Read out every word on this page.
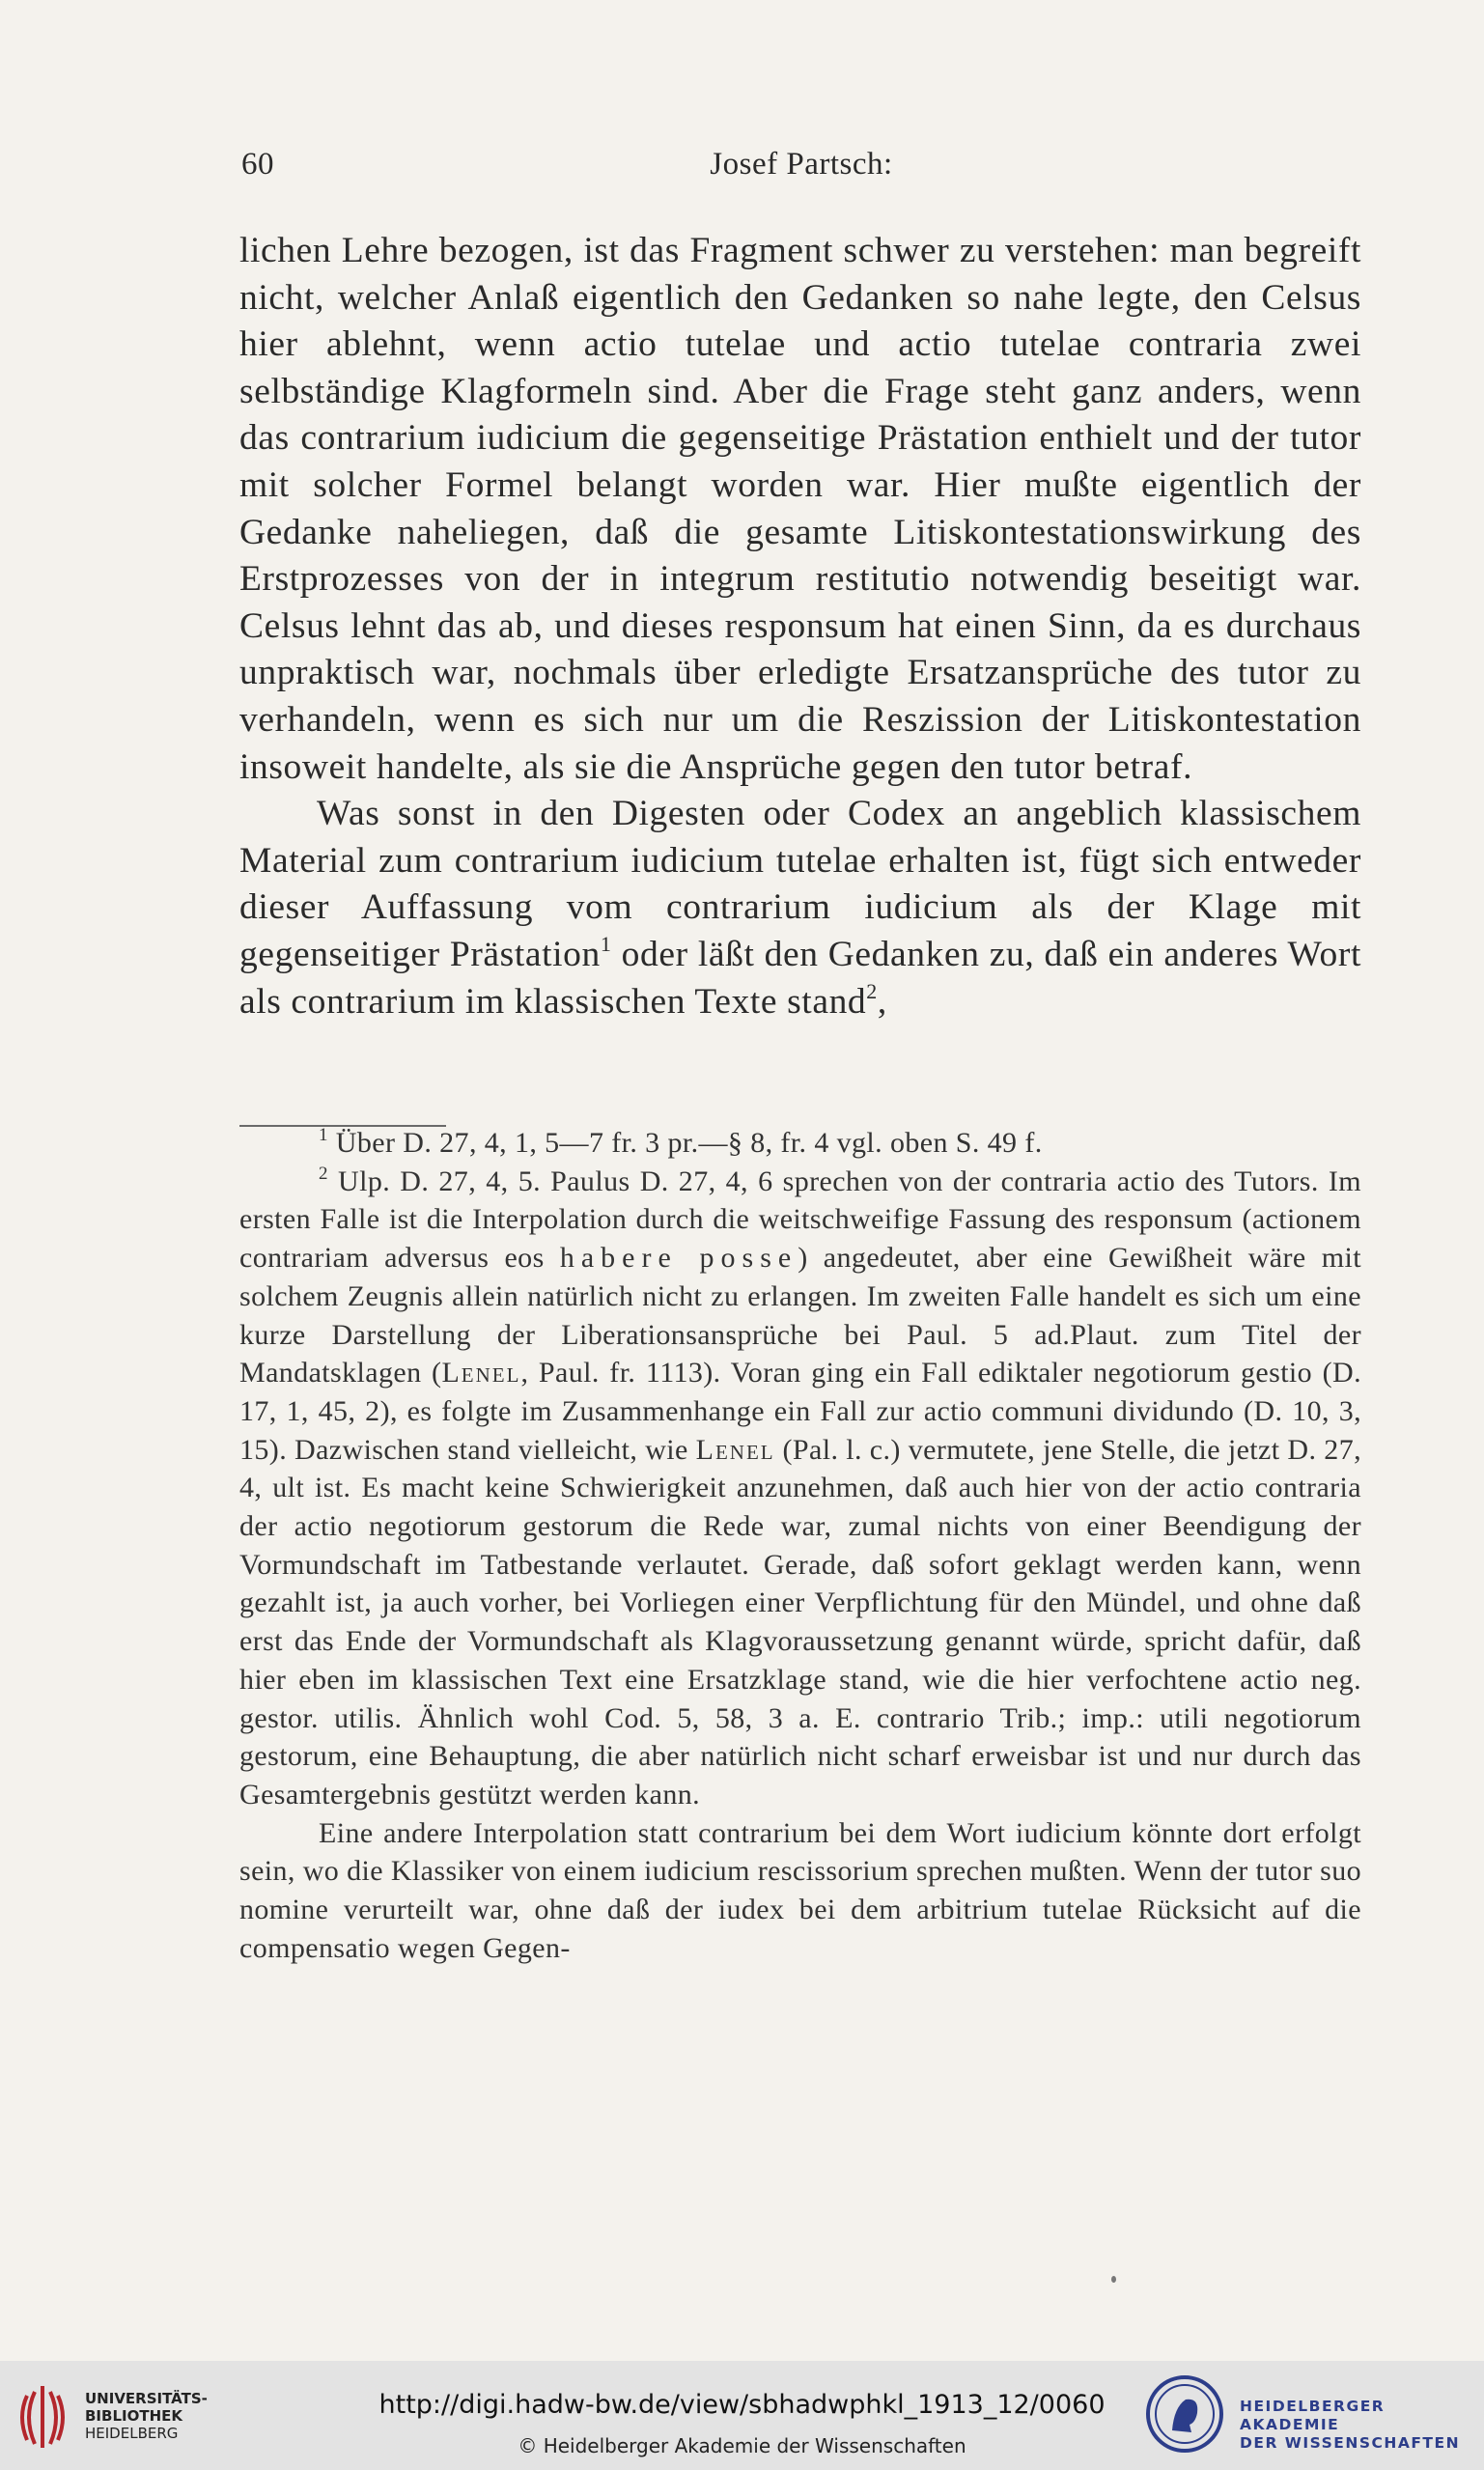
60	Josef Partsch:

lichen Lehre bezogen, ist das Fragment schwer zu verstehen: man begreift nicht, welcher Anlaß eigentlich den Gedanken so nahe legte, den Celsus hier ablehnt, wenn actio tutelae und actio tutelae contraria zwei selbständige Klagformeln sind. Aber die Frage steht ganz anders, wenn das contrarium iudicium die gegenseitige Prästation enthielt und der tutor mit solcher Formel belangt worden war. Hier mußte eigentlich der Gedanke naheliegen, daß die gesamte Litiskontestationswirkung des Erstprozesses von der in integrum restitutio notwendig beseitigt war. Celsus lehnt das ab, und dieses responsum hat einen Sinn, da es durchaus unpraktisch war, nochmals über erledigte Ersatzansprüche des tutor zu verhandeln, wenn es sich nur um die Reszission der Litiskontestation insoweit handelte, als sie die Ansprüche gegen den tutor betraf.

Was sonst in den Digesten oder Codex an angeblich klassischem Material zum contrarium iudicium tutelae erhalten ist, fügt sich entweder dieser Auffassung vom contrarium iudicium als der Klage mit gegenseitiger Prästation$^1$ oder läßt den Gedanken zu, daß ein anderes Wort als contrarium im klassischen Texte stand$^2$,

$^1$ Über D. 27, 4, 1, 5—7 fr. 3 pr.—§ 8, fr. 4 vgl. oben S. 49 f.

$^2$ Ulp. D. 27, 4, 5. Paulus D. 27, 4, 6 sprechen von der contraria actio des Tutors. Im ersten Falle ist die Interpolation durch die weitschweifige Fassung des responsum (actionem contrariam adversus eos habere posse) angedeutet, aber eine Gewißheit wäre mit solchem Zeugnis allein natürlich nicht zu erlangen. Im zweiten Falle handelt es sich um eine kurze Darstellung der Liberationsansprüche bei Paul. 5 ad.Plaut. zum Titel der Mandatsklagen (Lenel, Paul. fr. 1113). Voran ging ein Fall ediktaler negotiorum gestio (D. 17, 1, 45, 2), es folgte im Zusammenhange ein Fall zur actio communi dividundo (D. 10, 3, 15). Dazwischen stand vielleicht, wie Lenel (Pal. l. c.) vermutete, jene Stelle, die jetzt D. 27, 4, ult ist. Es macht keine Schwierigkeit anzunehmen, daß auch hier von der actio contraria der actio negotiorum gestorum die Rede war, zumal nichts von einer Beendigung der Vormundschaft im Tatbestande verlautet. Gerade, daß sofort geklagt werden kann, wenn gezahlt ist, ja auch vorher, bei Vorliegen einer Verpflichtung für den Mündel, und ohne daß erst das Ende der Vormundschaft als Klagvoraussetzung genannt würde, spricht dafür, daß hier eben im klassischen Text eine Ersatzklage stand, wie die hier verfochtene actio neg. gestor. utilis. Ähnlich wohl Cod. 5, 58, 3 a. E. contrario Trib.; imp.: utili negotiorum gestorum, eine Behauptung, die aber natürlich nicht scharf erweisbar ist und nur durch das Gesamtergebnis gestützt werden kann.

Eine andere Interpolation statt contrarium bei dem Wort iudicium könnte dort erfolgt sein, wo die Klassiker von einem iudicium rescissorium sprechen mußten. Wenn der tutor suo nomine verurteilt war, ohne daß der iudex bei dem arbitrium tutelae Rücksicht auf die compensatio wegen Gegen-

UNIVERSITÄTS-
BIBLIOTHEK
HEIDELBERG
http://digi.hadw-bw.de/view/sbhadwphkl_1913_12/0060
© Heidelberger Akademie der Wissenschaften
HEIDELBERGER AKADEMIE
DER WISSENSCHAFTEN
